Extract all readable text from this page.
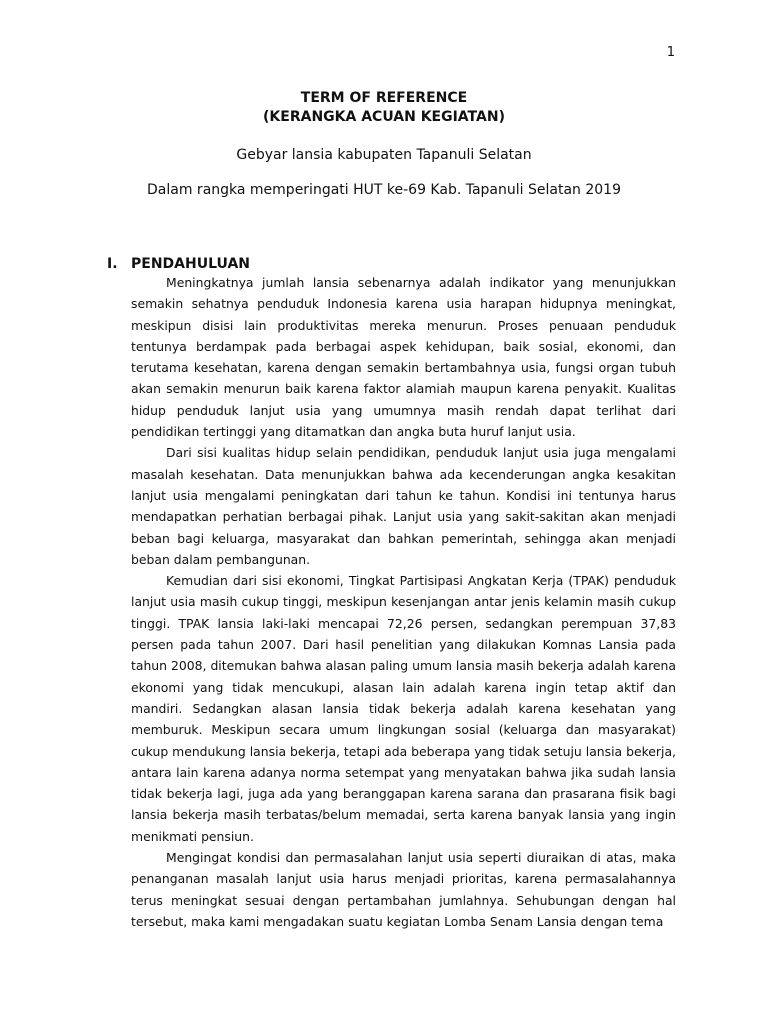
1
TERM OF REFERENCE
(KERANGKA ACUAN KEGIATAN)
Gebyar lansia kabupaten Tapanuli Selatan
Dalam rangka memperingati HUT ke-69 Kab. Tapanuli Selatan 2019
I. PENDAHULUAN

Meningkatnya jumlah lansia sebenarnya adalah indikator yang menunjukkan semakin sehatnya penduduk Indonesia karena usia harapan hidupnya meningkat, meskipun disisi lain produktivitas mereka menurun. Proses penuaan penduduk tentunya berdampak pada berbagai aspek kehidupan, baik sosial, ekonomi, dan terutama kesehatan, karena dengan semakin bertambahnya usia, fungsi organ tubuh akan semakin menurun baik karena faktor alamiah maupun karena penyakit. Kualitas hidup penduduk lanjut usia yang umumnya masih rendah dapat terlihat dari pendidikan tertinggi yang ditamatkan dan angka buta huruf lanjut usia.

Dari sisi kualitas hidup selain pendidikan, penduduk lanjut usia juga mengalami masalah kesehatan. Data menunjukkan bahwa ada kecenderungan angka kesakitan lanjut usia mengalami peningkatan dari tahun ke tahun. Kondisi ini tentunya harus mendapatkan perhatian berbagai pihak. Lanjut usia yang sakit-sakitan akan menjadi beban bagi keluarga, masyarakat dan bahkan pemerintah, sehingga akan menjadi beban dalam pembangunan.

Kemudian dari sisi ekonomi, Tingkat Partisipasi Angkatan Kerja (TPAK) penduduk lanjut usia masih cukup tinggi, meskipun kesenjangan antar jenis kelamin masih cukup tinggi. TPAK lansia laki-laki mencapai 72,26 persen, sedangkan perempuan 37,83 persen pada tahun 2007. Dari hasil penelitian yang dilakukan Komnas Lansia pada tahun 2008, ditemukan bahwa alasan paling umum lansia masih bekerja adalah karena ekonomi yang tidak mencukupi, alasan lain adalah karena ingin tetap aktif dan mandiri. Sedangkan alasan lansia tidak bekerja adalah karena kesehatan yang memburuk. Meskipun secara umum lingkungan sosial (keluarga dan masyarakat) cukup mendukung lansia bekerja, tetapi ada beberapa yang tidak setuju lansia bekerja, antara lain karena adanya norma setempat yang menyatakan bahwa jika sudah lansia tidak bekerja lagi, juga ada yang beranggapan karena sarana dan prasarana fisik bagi lansia bekerja masih terbatas/belum memadai, serta karena banyak lansia yang ingin menikmati pensiun.

Mengingat kondisi dan permasalahan lanjut usia seperti diuraikan di atas, maka penanganan masalah lanjut usia harus menjadi prioritas, karena permasalahannya terus meningkat sesuai dengan pertambahan jumlahnya. Sehubungan dengan hal tersebut, maka kami mengadakan suatu kegiatan Lomba Senam Lansia dengan tema
